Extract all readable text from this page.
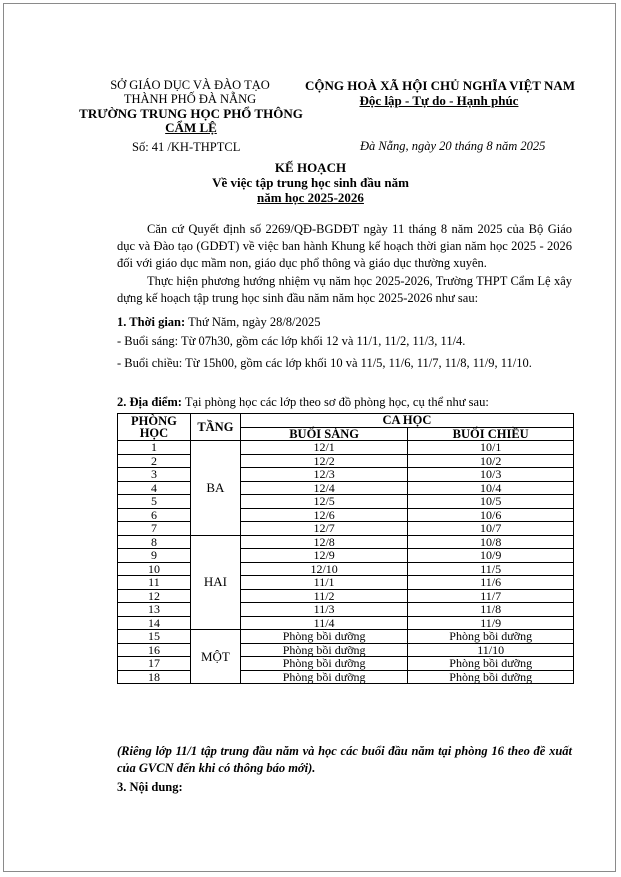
SỞ GIÁO DỤC VÀ ĐÀO TẠO
THÀNH PHỐ ĐÀ NẴNG
TRƯỜNG TRUNG HỌC PHỔ THÔNG
CẨM LỆ
Số: 41 /KH-THPTCL
CỘNG HOÀ XÃ HỘI CHỦ NGHĨA VIỆT NAM
Độc lập - Tự do - Hạnh phúc
Đà Nẵng, ngày 20 tháng 8 năm 2025
KẾ HOẠCH
Về việc tập trung học sinh đầu năm
năm học 2025-2026

Căn cứ Quyết định số 2269/QĐ-BGDĐT ngày 11 tháng 8 năm 2025 của Bộ Giáo dục và Đào tạo (GDĐT) về việc ban hành Khung kế hoạch thời gian năm học 2025 - 2026 đối với giáo dục mầm non, giáo dục phổ thông và giáo dục thường xuyên.

Thực hiện phương hướng nhiệm vụ năm học 2025-2026, Trường THPT Cẩm Lệ xây dựng kế hoạch tập trung học sinh đầu năm năm học 2025-2026 như sau:

1. Thời gian: Thứ Năm, ngày 28/8/2025
- Buổi sáng: Từ 07h30, gồm các lớp khối 12 và 11/1, 11/2, 11/3, 11/4.

- Buổi chiều: Từ 15h00, gồm các lớp khối 10 và 11/5, 11/6, 11/7, 11/8, 11/9, 11/10.

2. Địa điểm: Tại phòng học các lớp theo sơ đồ phòng học, cụ thể như sau:
PHÒNG
HỌC	TẦNG	CA HỌC	
		BUỔI SÁNG	BUỔI CHIỀU
1	BA	12/1	10/1
2		12/2	10/2
3		12/3	10/3
4		12/4	10/4
5		12/5	10/5
6		12/6	10/6
7		12/7	10/7
8	HAI	12/8	10/8
9		12/9	10/9
10		12/10	11/5
11		11/1	11/6
12		11/2	11/7
13		11/3	11/8
14		11/4	11/9
15	MỘT	Phòng bồi dưỡng	Phòng bồi dưỡng
16		Phòng bồi dưỡng	11/10
17		Phòng bồi dưỡng	Phòng bồi dưỡng
18		Phòng bồi dưỡng	Phòng bồi dưỡng

(Riêng lớp 11/1 tập trung đầu năm và học các buổi đầu năm tại phòng 16 theo đề xuất của GVCN đến khi có thông báo mới).

3. Nội dung:
